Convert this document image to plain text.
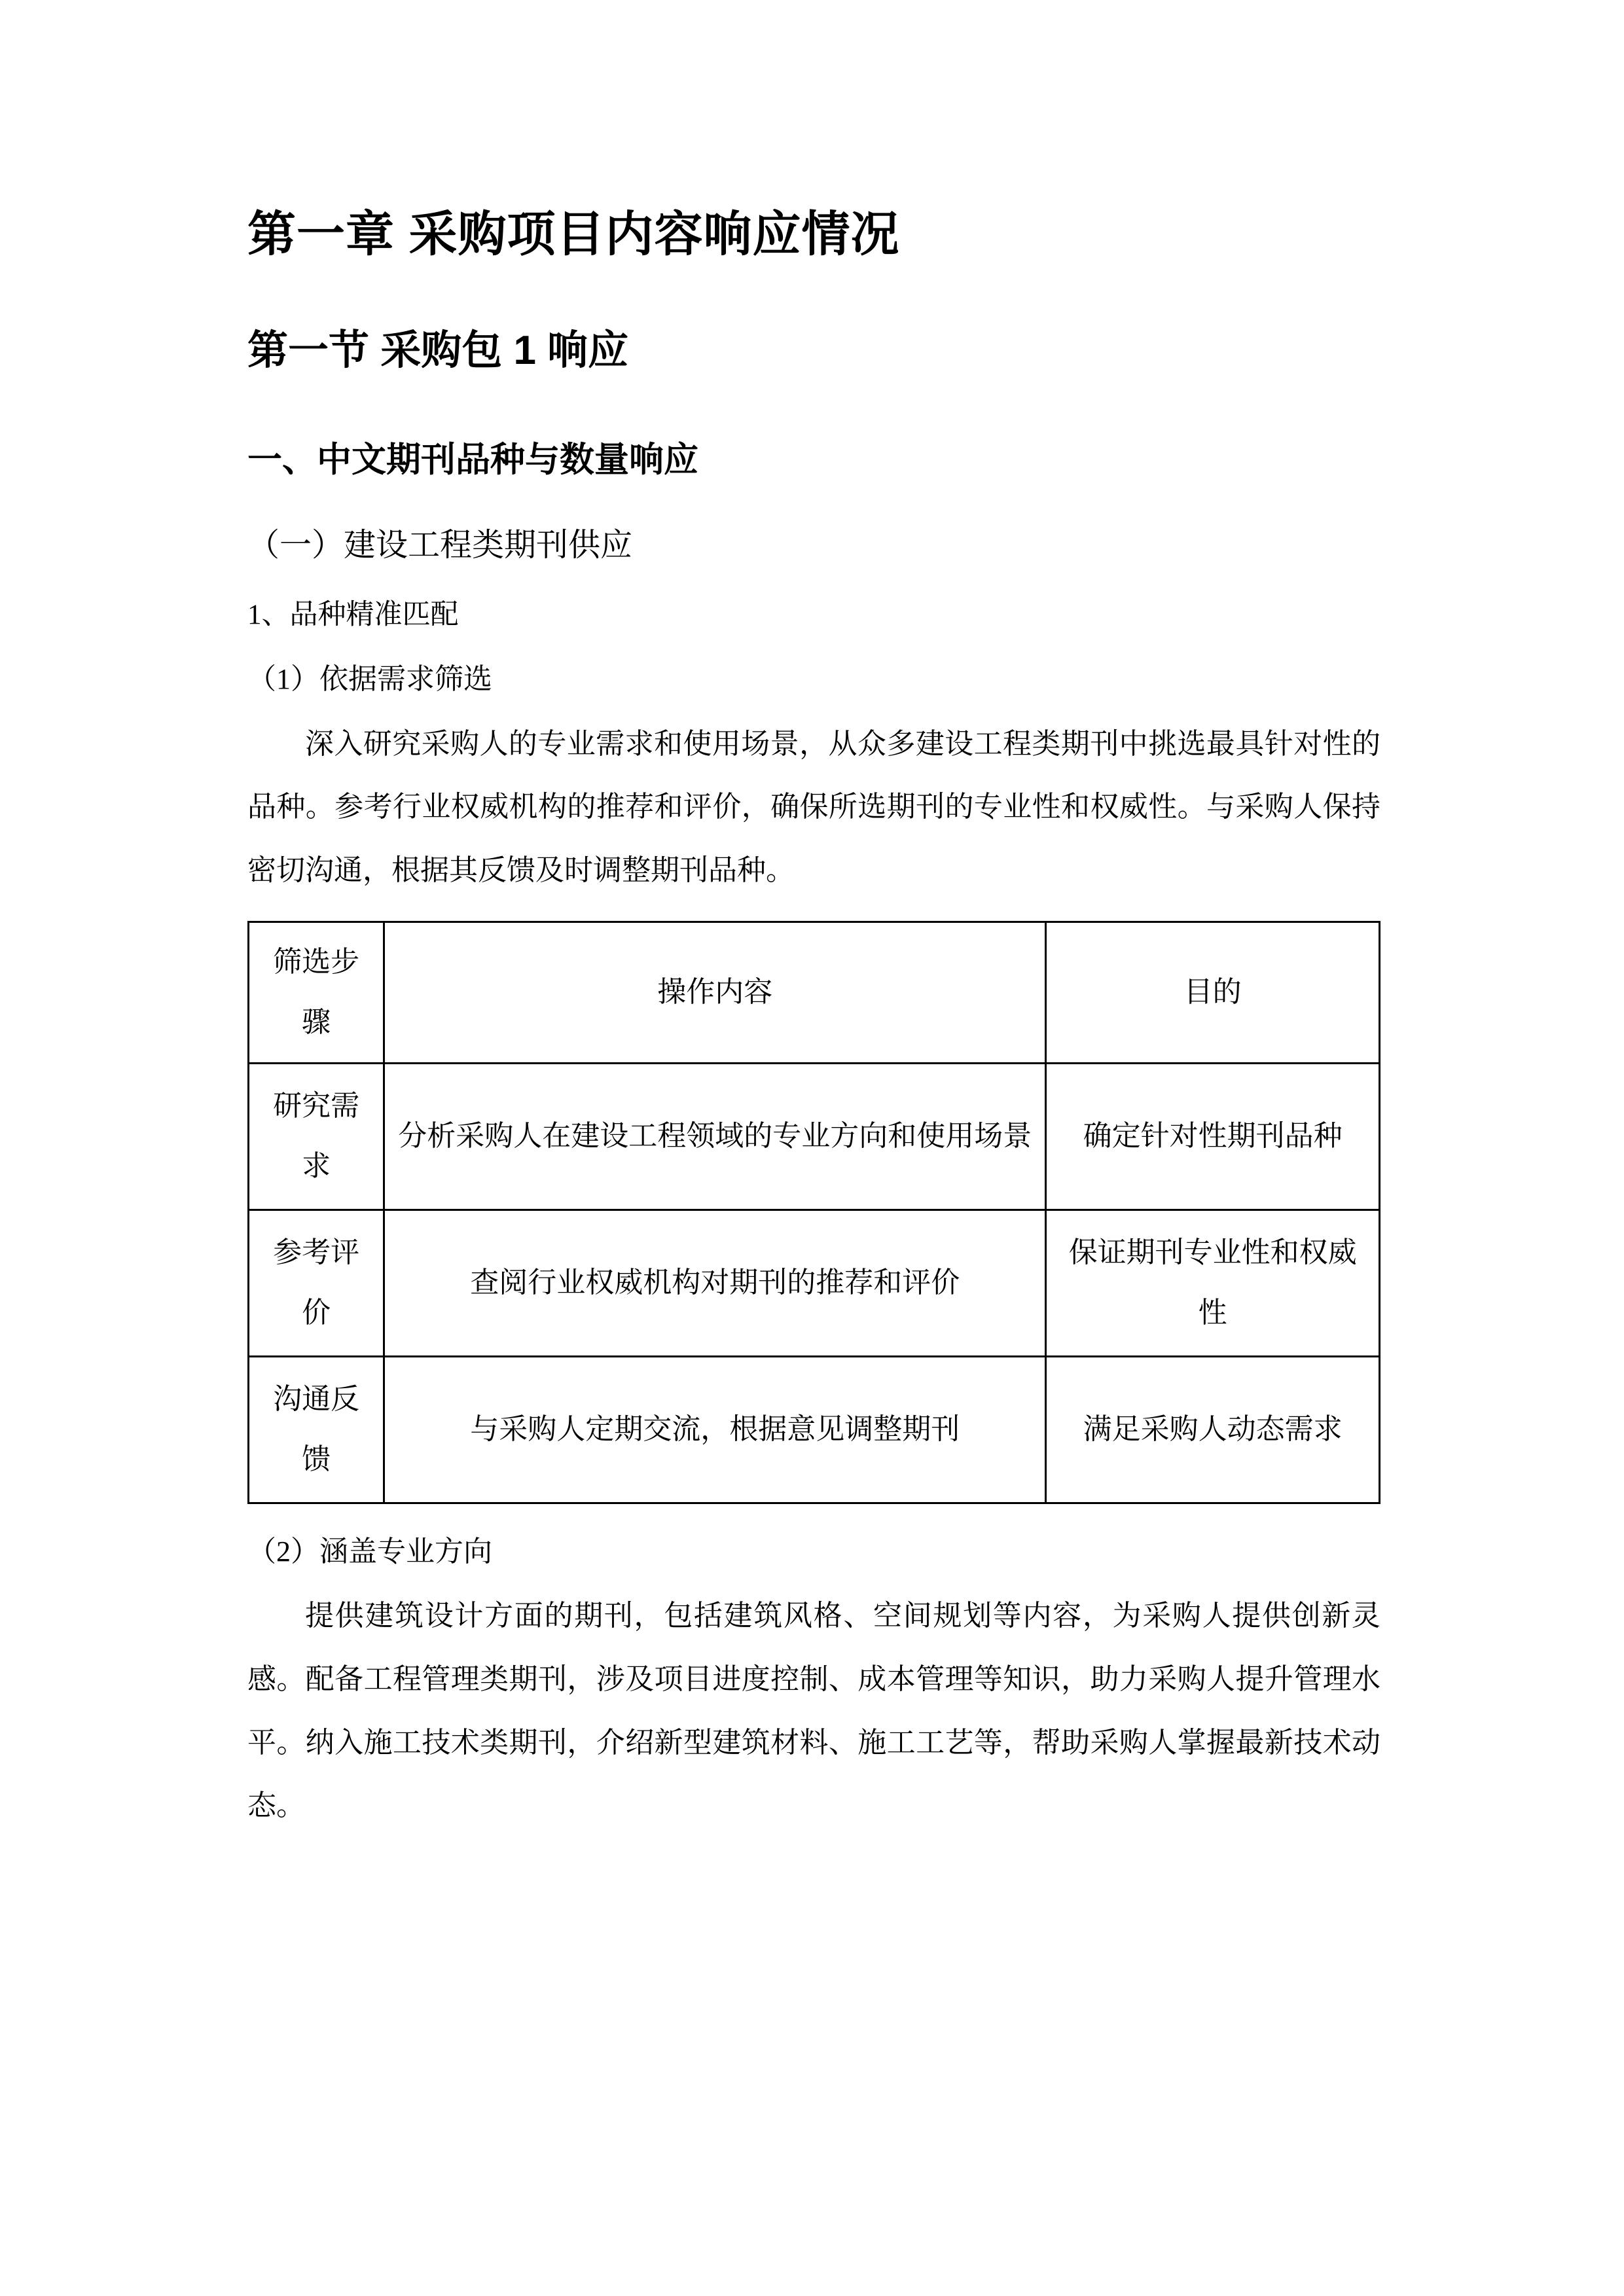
第一章 采购项目内容响应情况
第一节 采购包 1 响应
一、中文期刊品种与数量响应
（一）建设工程类期刊供应
1、品种精准匹配
（1）依据需求筛选

深入研究采购人的专业需求和使用场景，从众多建设工程类期刊中挑选最具针对性的品种。参考行业权威机构的推荐和评价，确保所选期刊的专业性和权威性。与采购人保持密切沟通，根据其反馈及时调整期刊品种。

筛选步骤	操作内容	目的
研究需求	分析采购人在建设工程领域的专业方向和使用场景	确定针对性期刊品种
参考评价	查阅行业权威机构对期刊的推荐和评价	保证期刊专业性和权威性
沟通反馈	与采购人定期交流，根据意见调整期刊	满足采购人动态需求
（2）涵盖专业方向

提供建筑设计方面的期刊，包括建筑风格、空间规划等内容，为采购人提供创新灵感。配备工程管理类期刊，涉及项目进度控制、成本管理等知识，助力采购人提升管理水平。纳入施工技术类期刊，介绍新型建筑材料、施工工艺等，帮助采购人掌握最新技术动态。
